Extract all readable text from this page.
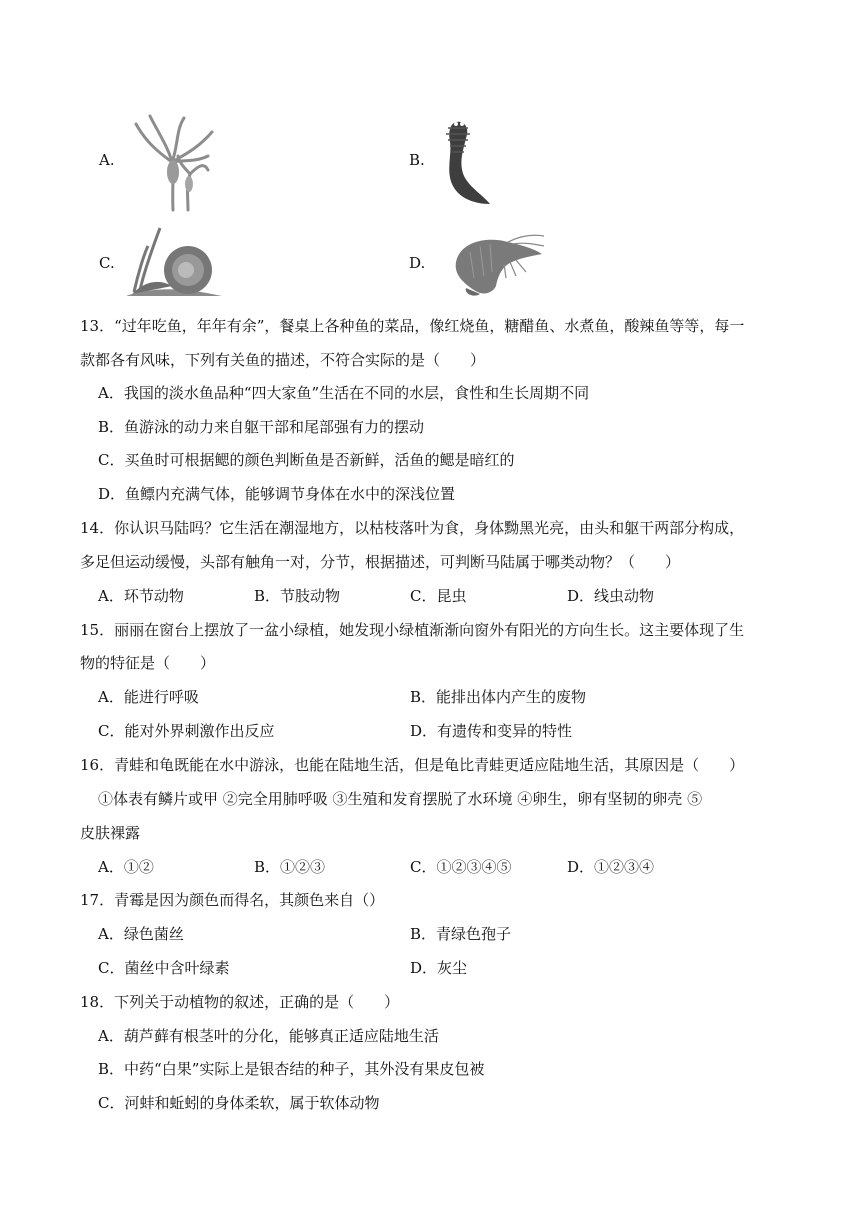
A.	B.
C.	D.
13．“过年吃鱼，年年有余”，餐桌上各种鱼的菜品，像红烧鱼，糖醋鱼、水煮鱼，酸辣鱼等等，每一
款都各有风味，下列有关鱼的描述，不符合实际的是（　　）
A．我国的淡水鱼品种“四大家鱼”生活在不同的水层，食性和生长周期不同
B．鱼游泳的动力来自躯干部和尾部强有力的摆动
C．买鱼时可根据鳃的颜色判断鱼是否新鲜，活鱼的鳃是暗红的
D．鱼鳔内充满气体，能够调节身体在水中的深浅位置
14．你认识马陆吗？它生活在潮湿地方，以枯枝落叶为食，身体黝黑光亮，由头和躯干两部分构成，
多足但运动缓慢，头部有触角一对，分节，根据描述，可判断马陆属于哪类动物？（　　）
A．环节动物	B．节肢动物	C．昆虫	D．线虫动物
15．丽丽在窗台上摆放了一盆小绿植，她发现小绿植渐渐向窗外有阳光的方向生长。这主要体现了生
物的特征是（　　）
A．能进行呼吸	B．能排出体内产生的废物
C．能对外界刺激作出反应	D．有遗传和变异的特性
16．青蛙和龟既能在水中游泳，也能在陆地生活，但是龟比青蛙更适应陆地生活，其原因是（　　）
①体表有鳞片或甲 ②完全用肺呼吸 ③生殖和发育摆脱了水环境 ④卵生，卵有坚韧的卵壳 ⑤
皮肤裸露
A．①②	B．①②③	C．①②③④⑤	D．①②③④
17．青霉是因为颜色而得名，其颜色来自（）
A．绿色菌丝	B．青绿色孢子
C．菌丝中含叶绿素	D．灰尘
18．下列关于动植物的叙述，正确的是（　　）
A．葫芦藓有根茎叶的分化，能够真正适应陆地生活
B．中药“白果”实际上是银杏结的种子，其外没有果皮包被
C．河蚌和蚯蚓的身体柔软，属于软体动物
